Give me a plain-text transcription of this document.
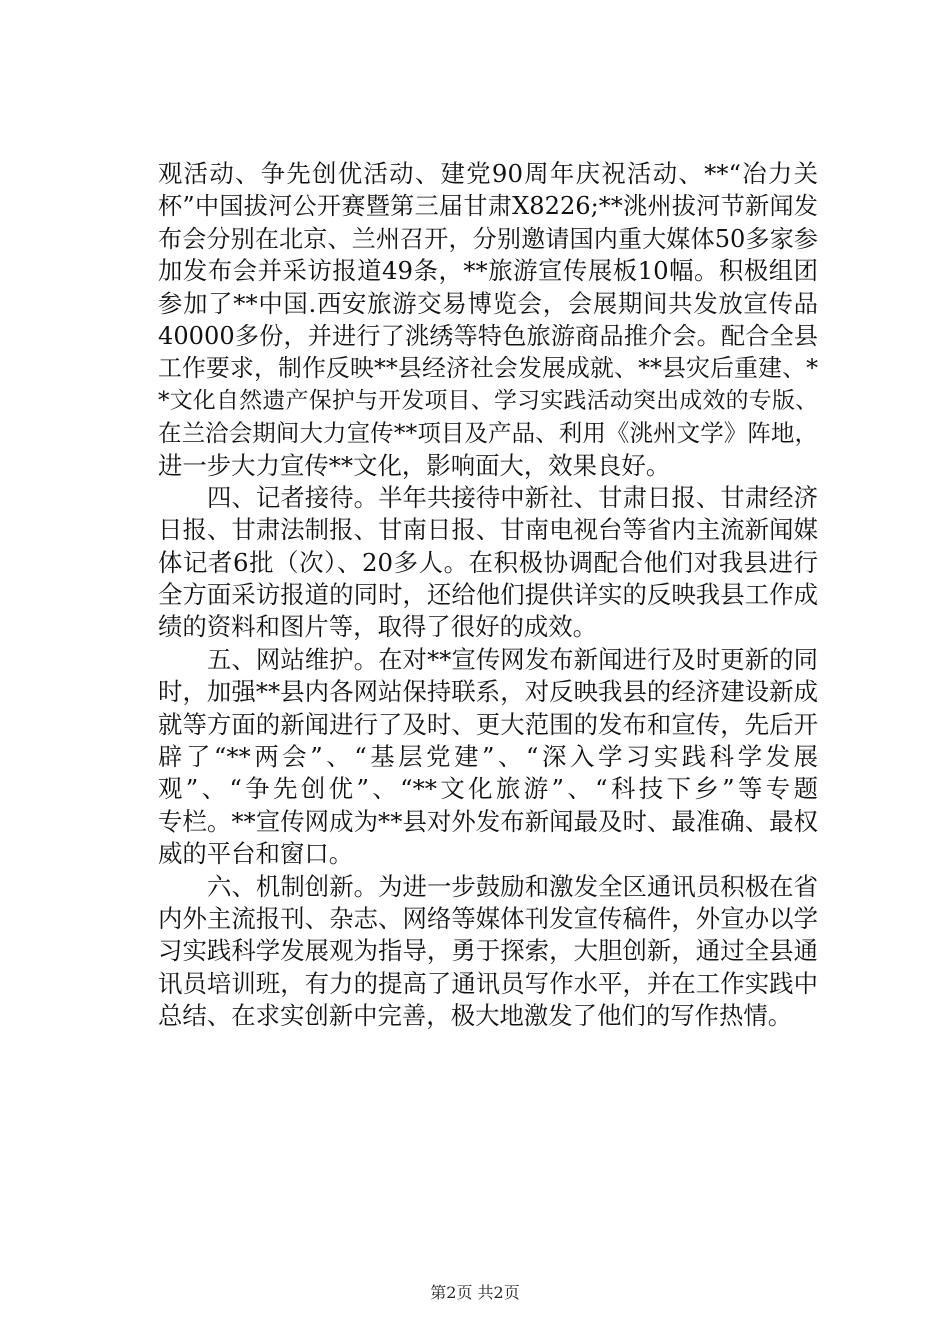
观活动、争先创优活动、建党90周年庆祝活动、**“冶力关
杯”中国拔河公开赛暨第三届甘肃X8226;**洮州拔河节新闻发
布会分别在北京、兰州召开，分别邀请国内重大媒体50多家参
加发布会并采访报道49条，**旅游宣传展板10幅。积极组团
参加了**中国.西安旅游交易博览会，会展期间共发放宣传品
40000多份，并进行了洮绣等特色旅游商品推介会。配合全县
工作要求，制作反映**县经济社会发展成就、**县灾后重建、*
*文化自然遗产保护与开发项目、学习实践活动突出成效的专版、
在兰洽会期间大力宣传**项目及产品、利用《洮州文学》阵地，
进一步大力宣传**文化，影响面大，效果良好。
四、记者接待。半年共接待中新社、甘肃日报、甘肃经济
日报、甘肃法制报、甘南日报、甘南电视台等省内主流新闻媒
体记者6批（次）、20多人。在积极协调配合他们对我县进行
全方面采访报道的同时，还给他们提供详实的反映我县工作成
绩的资料和图片等，取得了很好的成效。
五、网站维护。在对**宣传网发布新闻进行及时更新的同
时，加强**县内各网站保持联系，对反映我县的经济建设新成
就等方面的新闻进行了及时、更大范围的发布和宣传，先后开
辟了“**两会”、“基层党建”、“深入学习实践科学发展
观”、“争先创优”、“**文化旅游”、“科技下乡”等专题
专栏。**宣传网成为**县对外发布新闻最及时、最准确、最权
威的平台和窗口。
六、机制创新。为进一步鼓励和激发全区通讯员积极在省
内外主流报刊、杂志、网络等媒体刊发宣传稿件，外宣办以学
习实践科学发展观为指导，勇于探索，大胆创新，通过全县通
讯员培训班，有力的提高了通讯员写作水平，并在工作实践中
总结、在求实创新中完善，极大地激发了他们的写作热情。
第2页 共2页
